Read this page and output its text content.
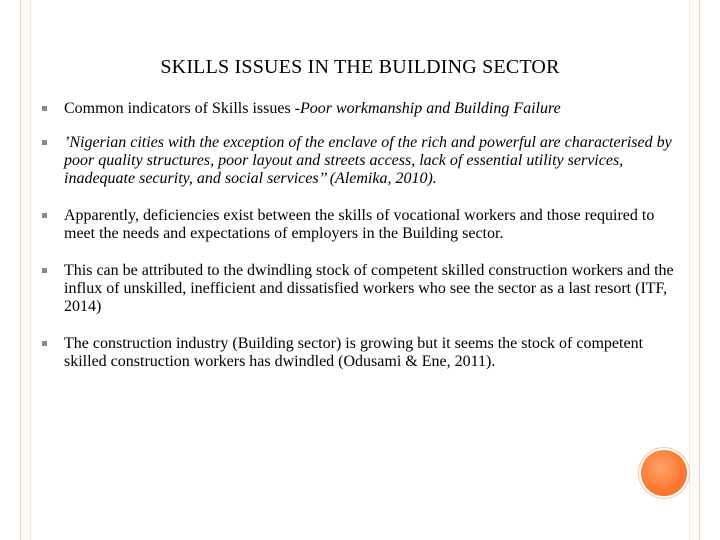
SKILLS ISSUES IN THE BUILDING SECTOR
Common indicators of Skills issues -Poor workmanship and Building Failure
’Nigerian cities with the exception of the enclave of the rich and powerful are characterised by poor quality structures, poor layout and streets access, lack of essential utility services, inadequate security, and social services’’ (Alemika, 2010).
Apparently, deficiencies exist between the skills of vocational workers and those required to meet the needs and expectations of employers in the Building sector.
This can be attributed to the dwindling stock of competent skilled construction workers and the influx of unskilled, inefficient and dissatisfied workers who see the sector as a last resort (ITF, 2014)
The construction industry (Building sector) is growing but it seems the stock of competent skilled construction workers has dwindled (Odusami & Ene, 2011).
